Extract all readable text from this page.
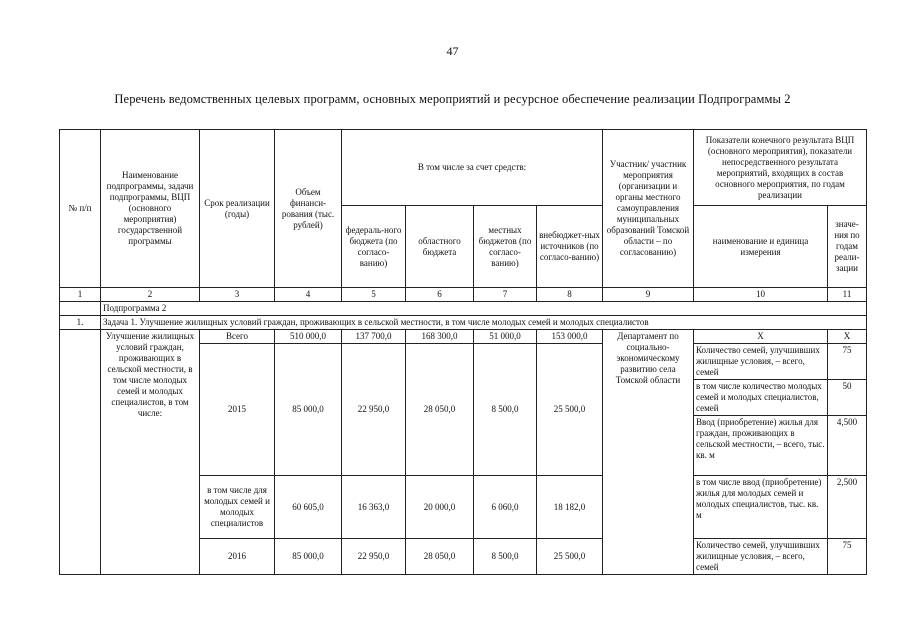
47
Перечень ведомственных целевых программ, основных мероприятий и ресурсное обеспечение реализации Подпрограммы 2
№ п/п	Наименование подпрограммы, задачи подпрограммы, ВЦП (основного мероприятия) государственной программы	Срок реализации (годы)	Объем финанси-рования (тыс. рублей)	В том числе за счет средств:				Участник/ участник мероприятия (организации и органы местного самоуправления муниципальных образований Томской области – по согласованию)	Показатели конечного результата ВЦП (основного мероприятия), показатели непосредственного результата мероприятий, входящих в состав основного мероприятия, по годам реализации	
				федераль-ного бюджета (по согласо-ванию)	областного бюджета	местных бюджетов (по согласо-ванию)	внебюджет-ных источников (по согласо-ванию)		наименование и единица измерения	значе-ния по годам реали-зации
1	2	3	4	5	6	7	8	9	10	11
	Подпрограмма 2									
1.	Задача 1. Улучшение жилищных условий граждан, проживающих в сельской местности, в том числе молодых семей и молодых специалистов									
	Улучшение жилищных условий граждан, проживающих в сельской местности, в том числе молодых семей и молодых специалистов, в том числе:	Всего	510 000,0	137 700,0	168 300,0	51 000,0	153 000,0	Департамент по социально-экономическому развитию села Томской области	X	X
		2015	85 000,0	22 950,0	28 050,0	8 500,0	25 500,0		Количество семей, улучшивших жилищные условия, – всего, семей	75
									в том числе количество молодых семей и молодых специалистов, семей	50
									Ввод (приобретение) жилья для граждан, проживающих в сельской местности, – всего, тыс. кв. м	4,500
		в том числе для молодых семей и молодых специалистов	60 605,0	16 363,0	20 000,0	6 060,0	18 182,0		в том числе ввод (приобретение) жилья для молодых семей и молодых специалистов, тыс. кв. м	2,500
		2016	85 000,0	22 950,0	28 050,0	8 500,0	25 500,0		Количество семей, улучшивших жилищные условия, – всего, семей	75
